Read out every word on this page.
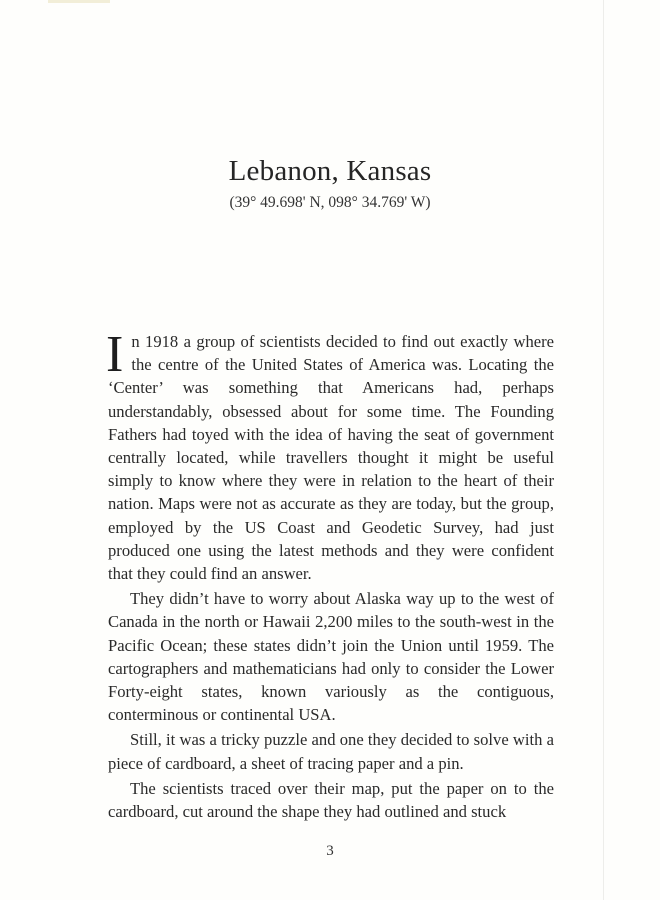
Lebanon, Kansas
(39° 49.698' N, 098° 34.769' W)

In 1918 a group of scientists decided to find out exactly where the centre of the United States of America was. Locating the ‘Center’ was something that Americans had, perhaps understandably, obsessed about for some time. The Founding Fathers had toyed with the idea of having the seat of government centrally located, while travellers thought it might be useful simply to know where they were in relation to the heart of their nation. Maps were not as accurate as they are today, but the group, employed by the US Coast and Geodetic Survey, had just produced one using the latest methods and they were confident that they could find an answer.

They didn’t have to worry about Alaska way up to the west of Canada in the north or Hawaii 2,200 miles to the south-west in the Pacific Ocean; these states didn’t join the Union until 1959. The cartographers and mathematicians had only to consider the Lower Forty-eight states, known variously as the contiguous, conterminous or continental USA.

Still, it was a tricky puzzle and one they decided to solve with a piece of cardboard, a sheet of tracing paper and a pin.

The scientists traced over their map, put the paper on to the cardboard, cut around the shape they had outlined and stuck

3
